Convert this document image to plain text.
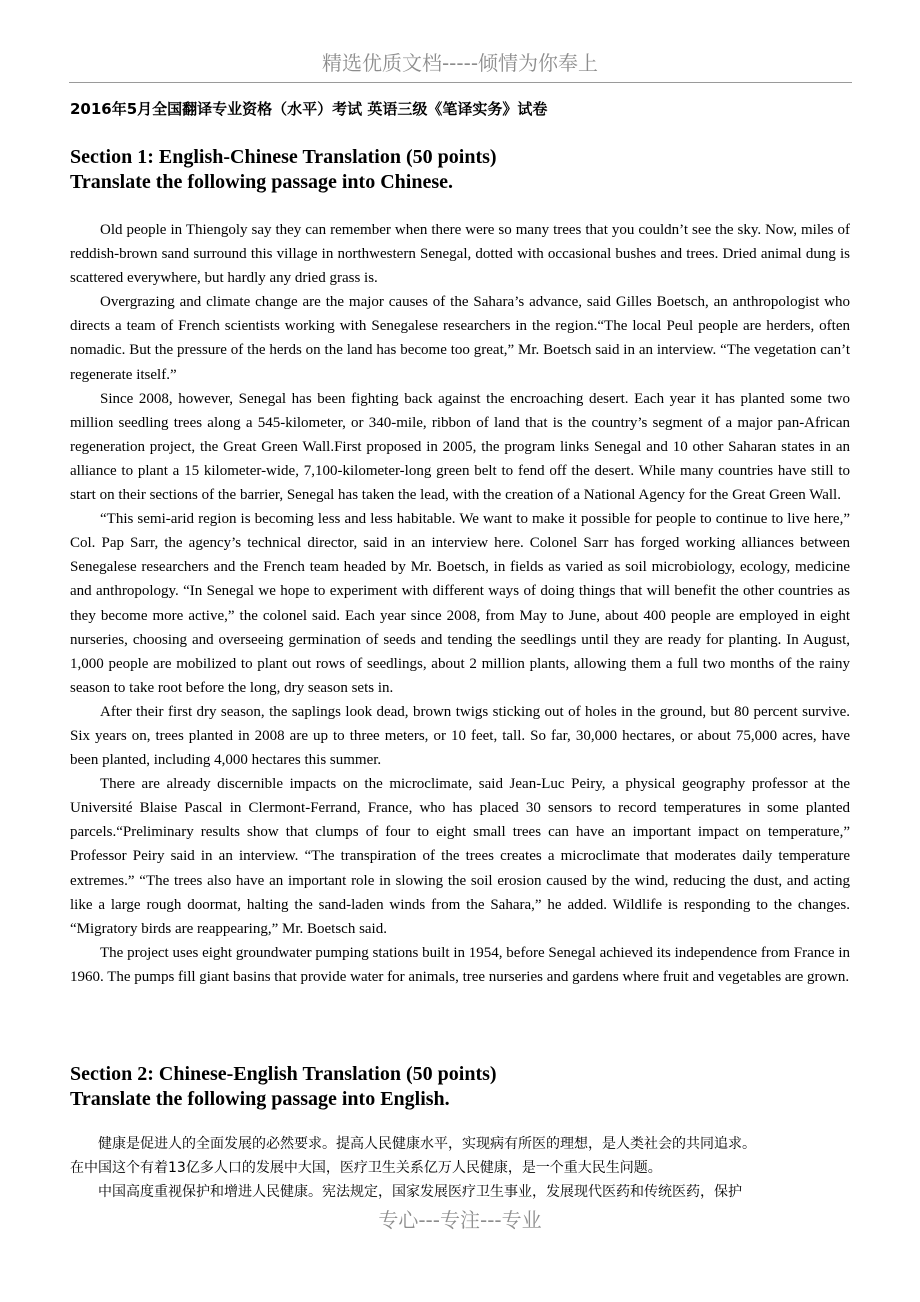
精选优质文档-----倾情为你奉上
2016年5月全国翻译专业资格（水平）考试 英语三级《笔译实务》试卷
Section 1: English-Chinese Translation (50 points)
Translate the following passage into Chinese.

Old people in Thiengoly say they can remember when there were so many trees that you couldn’t see the sky. Now, miles of reddish-brown sand surround this village in northwestern Senegal, dotted with occasional bushes and trees. Dried animal dung is scattered everywhere, but hardly any dried grass is.

Overgrazing and climate change are the major causes of the Sahara’s advance, said Gilles Boetsch, an anthropologist who directs a team of French scientists working with Senegalese researchers in the region.“The local Peul people are herders, often nomadic. But the pressure of the herds on the land has become too great,” Mr. Boetsch said in an interview. “The vegetation can’t regenerate itself.”

Since 2008, however, Senegal has been fighting back against the encroaching desert. Each year it has planted some two million seedling trees along a 545-kilometer, or 340-mile, ribbon of land that is the country’s segment of a major pan-African regeneration project, the Great Green Wall.First proposed in 2005, the program links Senegal and 10 other Saharan states in an alliance to plant a 15 kilometer-wide, 7,100-kilometer-long green belt to fend off the desert. While many countries have still to start on their sections of the barrier, Senegal has taken the lead, with the creation of a National Agency for the Great Green Wall.

“This semi-arid region is becoming less and less habitable. We want to make it possible for people to continue to live here,” Col. Pap Sarr, the agency’s technical director, said in an interview here. Colonel Sarr has forged working alliances between Senegalese researchers and the French team headed by Mr. Boetsch, in fields as varied as soil microbiology, ecology, medicine and anthropology. “In Senegal we hope to experiment with different ways of doing things that will benefit the other countries as they become more active,” the colonel said. Each year since 2008, from May to June, about 400 people are employed in eight nurseries, choosing and overseeing germination of seeds and tending the seedlings until they are ready for planting. In August, 1,000 people are mobilized to plant out rows of seedlings, about 2 million plants, allowing them a full two months of the rainy season to take root before the long, dry season sets in.

After their first dry season, the saplings look dead, brown twigs sticking out of holes in the ground, but 80 percent survive. Six years on, trees planted in 2008 are up to three meters, or 10 feet, tall. So far, 30,000 hectares, or about 75,000 acres, have been planted, including 4,000 hectares this summer.

There are already discernible impacts on the microclimate, said Jean-Luc Peiry, a physical geography professor at the Université Blaise Pascal in Clermont-Ferrand, France, who has placed 30 sensors to record temperatures in some planted parcels.“Preliminary results show that clumps of four to eight small trees can have an important impact on temperature,” Professor Peiry said in an interview. “The transpiration of the trees creates a microclimate that moderates daily temperature extremes.” “The trees also have an important role in slowing the soil erosion caused by the wind, reducing the dust, and acting like a large rough doormat, halting the sand-laden winds from the Sahara,” he added. Wildlife is responding to the changes. “Migratory birds are reappearing,” Mr. Boetsch said.

The project uses eight groundwater pumping stations built in 1954, before Senegal achieved its independence from France in 1960. The pumps fill giant basins that provide water for animals, tree nurseries and gardens where fruit and vegetables are grown.

Section 2: Chinese-English Translation (50 points)
Translate the following passage into English.

健康是促进人的全面发展的必然要求。提高人民健康水平，实现病有所医的理想，是人类社会的共同追求。

在中国这个有着13亿多人口的发展中大国，医疗卫生关系亿万人民健康，是一个重大民生问题。

中国高度重视保护和增进人民健康。宪法规定，国家发展医疗卫生事业，发展现代医药和传统医药，保护

专心---专注---专业
